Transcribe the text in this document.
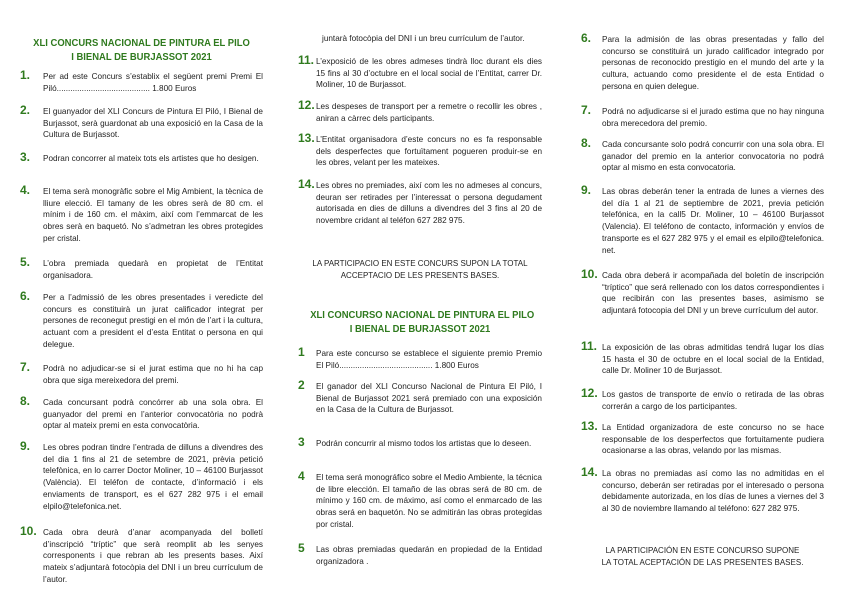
XLI CONCURS NACIONAL DE PINTURA EL PILO
I BIENAL DE BURJASSOT 2021
1. Per ad este Concurs s’establix el següent premi Premi El Piló......................................... 1.800 Euros
2. El guanyador del XLI Concurs de Pintura El Piló, I Bienal de Burjassot, serà guardonat ab una exposició en la Casa de la Cultura de Burjassot.
3. Podran concorrer al mateix tots els artistes que ho desigen.
4. El tema serà monogràfic sobre el Mig Ambient, la tècnica de lliure elecció. El tamany de les obres serà de 80 cm. el mínim i de 160 cm. el màxim, així com l’emmarcat de les obres serà en baquetó. No s’admetran les obres protegides per cristal.
5. L’obra premiada quedarà en propietat de l’Entitat organisadora.
6. Per a l’admissió de les obres presentades i veredicte del concurs es constituirà un jurat calificador integrat per persones de reconegut prestigi en el món de l’art i la cultura, actuant com a president el d’esta Entitat o persona en qui delegue.
7. Podrà no adjudicar-se si el jurat estima que no hi ha cap obra que siga mereixedora del premi.
8. Cada concursant podrà concórrer ab una sola obra. El guanyador del premi en l’anterior convocatòria no podrà optar al mateix premi en esta convocatòria.
9. Les obres podran tindre l’entrada de dilluns a divendres des del dia 1 fins al 21 de setembre de 2021, prèvia petició telefònica, en lo carrer Doctor Moliner, 10 – 46100 Burjassot (València). El teléfon de contacte, d’informació i els enviaments de transport, es el 627 282 975 i el email elpilo@telefonica.net.
10. Cada obra deurà d’anar acompanyada del bolletí d’inscripció “tríptic” que serà reomplit ab les senyes corresponents i que rebran ab les presents bases. Així mateix s’adjuntarà fotocòpia del DNI i un breu currículum de l’autor.
juntarà fotocòpia del DNI i un breu currículum de l’autor.
11. L’exposició de les obres admeses tindrà lloc durant els dies 15 fins al 30 d’octubre en el local social de l’Entitat, carrer Dr. Moliner, 10 de Burjassot.
12. Les despeses de transport per a remetre o recollir les obres , aniran a càrrec dels participants.
13. L’Entitat organisadora d’este concurs no es fa responsable dels desperfectes que fortuïtament pogueren produir-se en les obres, velant per les mateixes.
14. Les obres no premiades, així com les no admeses al concurs, deuran ser retirades per l’interessat o persona degudament autorisada en dies de dilluns a divendres del 3 fins al 20 de novembre cridant al teléfon 627 282 975.
LA PARTICIPACIO EN ESTE CONCURS SUPON LA TOTAL
ACCEPTACIO DE LES PRESENTS BASES.
XLI CONCURSO NACIONAL DE PINTURA EL PILO
I BIENAL DE BURJASSOT 2021
1 Para este concurso se establece el siguiente premio Premio El Piló......................................... 1.800 Euros
2 El ganador del XLI Concurso Nacional de Pintura El Piló, I Bienal de Burjassot 2021 será premiado con una exposición en la Casa de la Cultura de Burjassot.
3 Podrán concurrir al mismo todos los artistas que lo deseen.
4 El tema será monográfico sobre el Medio Ambiente, la técnica de libre elección. El tamaño de las obras será de 80 cm. de mínimo y 160 cm. de máximo, así como el enmarcado de las obras será en baquetón. No se admitirán las obras protegidas por cristal.
5 Las obras premiadas quedarán en propiedad de la Entidad organizadora .
6. Para la admisión de las obras presentadas y fallo del concurso se constituirá un jurado calificador integrado por personas de reconocido prestigio en el mundo del arte y la cultura, actuando como presidente el de esta Entidad o persona en quien delegue.
7. Podrá no adjudicarse si el jurado estima que no hay ninguna obra merecedora del premio.
8. Cada concursante solo podrá concurrir con una sola obra. El ganador del premio en la anterior convocatoria no podrá optar al mismo en esta convocatoria.
9. Las obras deberán tener la entrada de lunes a viernes des del día 1 al 21 de septiembre de 2021, previa petición telefónica, en la call5 Dr. Moliner, 10 – 46100 Burjassot (Valencia). El teléfono de contacto, información y envíos de transporte es el 627 282 975 y el email es elpilo@telefonica. net.
10. Cada obra deberá ir acompañada del boletín de inscripción “tríptico” que será rellenado con los datos correspondientes i que recibirán con las presentes bases, asimismo se adjuntará fotocopia del DNI y un breve currículum del autor.
11. La exposición de las obras admitidas tendrá lugar los días 15 hasta el 30 de octubre en el local social de la Entidad, calle Dr. Moliner 10 de Burjassot.
12. Los gastos de transporte de envío o retirada de las obras correrán a cargo de los participantes.
13. La Entidad organizadora de este concurso no se hace responsable de los desperfectos que fortuitamente pudiera ocasionarse a las obras, velando por las mismas.
14. La obras no premiadas así como las no admitidas en el concurso, deberán ser retiradas por el interesado o persona debidamente autorizada, en los días de lunes a viernes del 3 al 30 de noviembre llamando al teléfono: 627 282 975.
LA PARTICIPACIÓN EN ESTE CONCURSO SUPONE
LA TOTAL ACEPTACIÓN DE LAS PRESENTES BASES.
